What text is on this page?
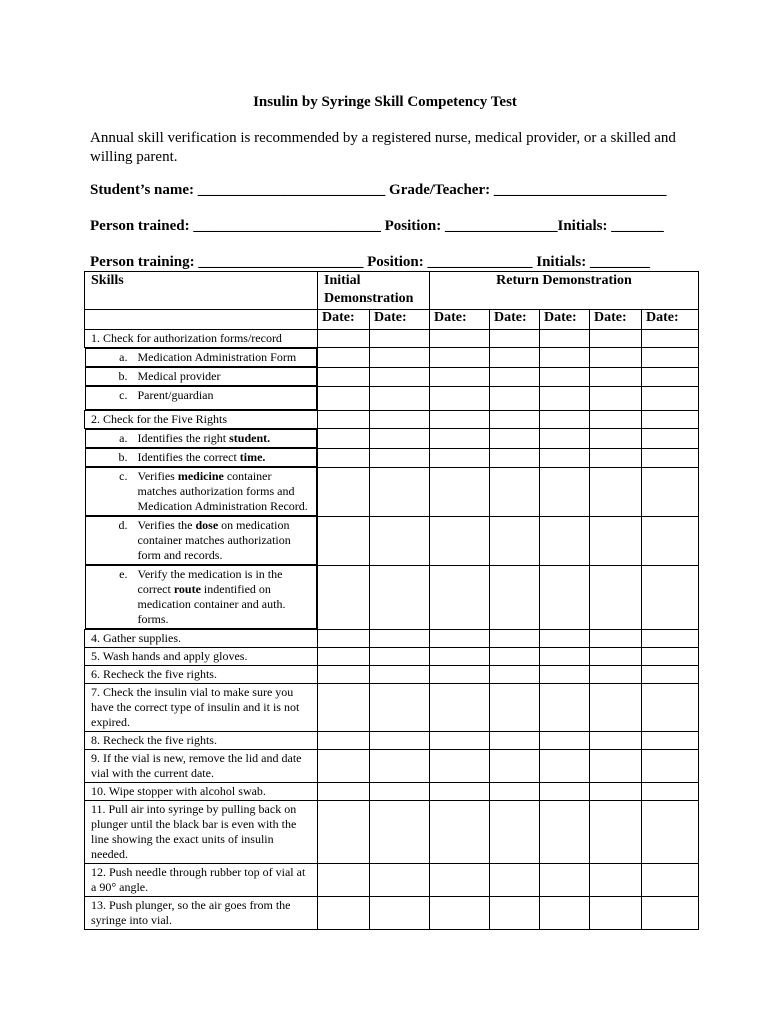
Insulin by Syringe Skill Competency Test
Annual skill verification is recommended by a registered nurse, medical provider, or a skilled and willing parent.
Student’s name: _________________________ Grade/Teacher: _______________________
Person trained: _________________________ Position: _______________Initials: _______
Person training: ______________________ Position: ______________ Initials: ________
Skills	Initial Demonstration		Return Demonstration				
	Date:	Date:	Date:	Date:	Date:	Date:	Date:
1. Check for authorization forms/record							

a. Medication Administration Form

b. Medical provider

c. Parent/guardian

2. Check for the Five Rights							

a. Identifies the right student.

b. Identifies the correct time.

c. Verifies medicine container matches authorization forms and Medication Administration Record.

d. Verifies the dose on medication container matches authorization form and records.

e. Verify the medication is in the correct route indentified on medication container and auth. forms.

4. Gather supplies.							
5. Wash hands and apply gloves.							
6. Recheck the five rights.							
7. Check the insulin vial to make sure you have the correct type of insulin and it is not expired.							
8. Recheck the five rights.							
9. If the vial is new, remove the lid and date vial with the current date.							
10. Wipe stopper with alcohol swab.							
11. Pull air into syringe by pulling back on plunger until the black bar is even with the line showing the exact units of insulin needed.							
12. Push needle through rubber top of vial at a 90° angle.							
13. Push plunger, so the air goes from the syringe into vial.							
